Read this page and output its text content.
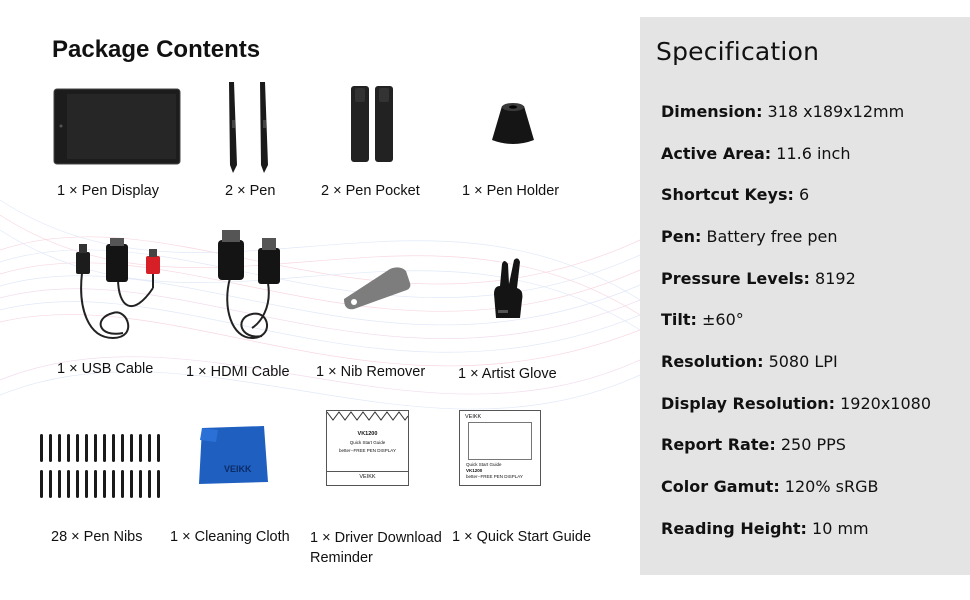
Package Contents
1 × Pen Display	2 × Pen	2 × Pen Pocket	1 × Pen Holder
1 × USB Cable 1 × HDMI Cable 1 × Nib Remover 1 × Artist Glove
28 × Pen Nibs
VEIKK
1 × Cleaning Cloth
VK1200
Quick Start Guide
better--FREE PEN DISPLAY
VEIKK
1 × Driver Download
Reminder
VEIKK
Quick Start Guide
VK1200
better--FREE PEN DISPLAY
1 × Quick Start Guide
Specification
Dimension: 318 x189x12mm
Active Area: 11.6 inch
Shortcut Keys: 6
Pen: Battery free pen
Pressure Levels: 8192
Tilt: ±60°
Resolution: 5080 LPI
Display Resolution: 1920x1080
Report Rate: 250 PPS
Color Gamut: 120% sRGB
Reading Height: 10 mm
